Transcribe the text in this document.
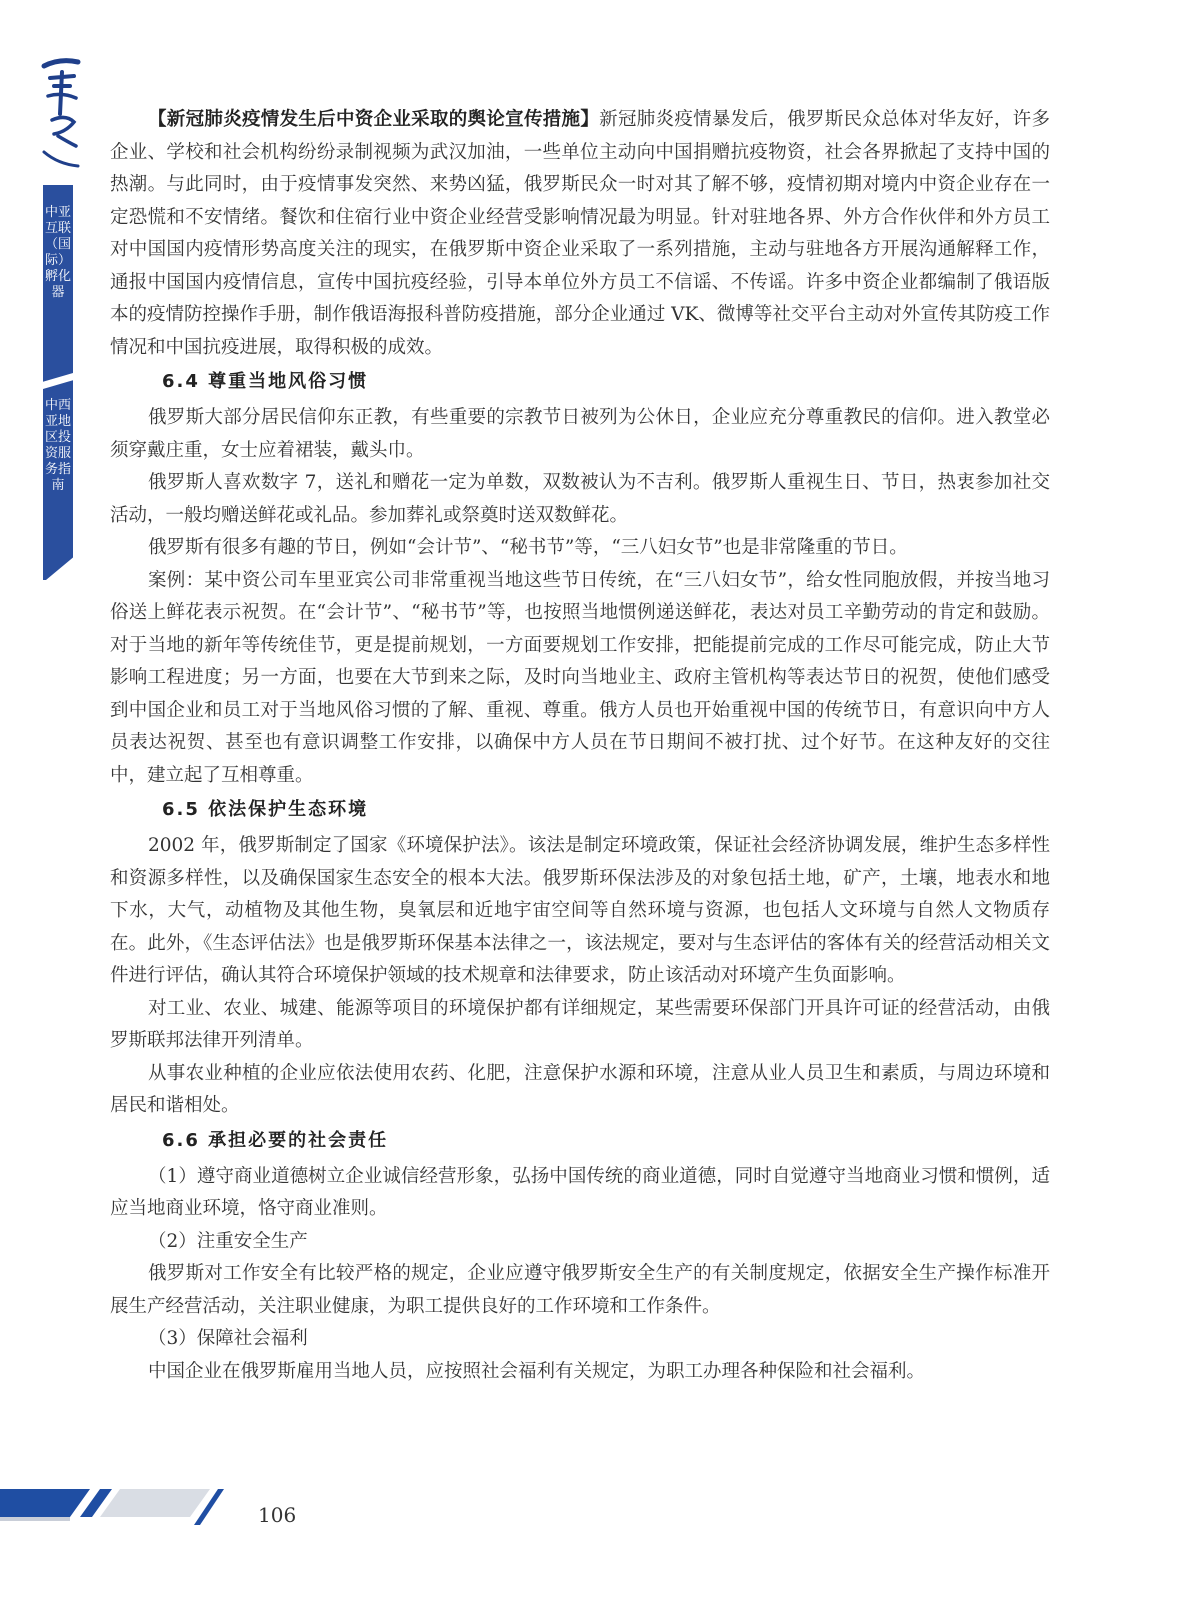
中亚互联（国际）孵化器
中西亚地区投资服务指南

【新冠肺炎疫情发生后中资企业采取的舆论宣传措施】新冠肺炎疫情暴发后，俄罗斯民众总体对华友好，许多企业、学校和社会机构纷纷录制视频为武汉加油，一些单位主动向中国捐赠抗疫物资，社会各界掀起了支持中国的热潮。与此同时，由于疫情事发突然、来势凶猛，俄罗斯民众一时对其了解不够，疫情初期对境内中资企业存在一定恐慌和不安情绪。餐饮和住宿行业中资企业经营受影响情况最为明显。针对驻地各界、外方合作伙伴和外方员工对中国国内疫情形势高度关注的现实，在俄罗斯中资企业采取了一系列措施，主动与驻地各方开展沟通解释工作，通报中国国内疫情信息，宣传中国抗疫经验，引导本单位外方员工不信谣、不传谣。许多中资企业都编制了俄语版本的疫情防控操作手册，制作俄语海报科普防疫措施，部分企业通过 VK、微博等社交平台主动对外宣传其防疫工作情况和中国抗疫进展，取得积极的成效。

6.4 尊重当地风俗习惯

俄罗斯大部分居民信仰东正教，有些重要的宗教节日被列为公休日，企业应充分尊重教民的信仰。进入教堂必须穿戴庄重，女士应着裙装，戴头巾。

俄罗斯人喜欢数字 7，送礼和赠花一定为单数，双数被认为不吉利。俄罗斯人重视生日、节日，热衷参加社交活动，一般均赠送鲜花或礼品。参加葬礼或祭奠时送双数鲜花。

俄罗斯有很多有趣的节日，例如“会计节”、“秘书节”等，“三八妇女节”也是非常隆重的节日。

案例：某中资公司车里亚宾公司非常重视当地这些节日传统，在“三八妇女节”，给女性同胞放假，并按当地习俗送上鲜花表示祝贺。在“会计节”、“秘书节”等，也按照当地惯例递送鲜花，表达对员工辛勤劳动的肯定和鼓励。对于当地的新年等传统佳节，更是提前规划，一方面要规划工作安排，把能提前完成的工作尽可能完成，防止大节影响工程进度；另一方面，也要在大节到来之际，及时向当地业主、政府主管机构等表达节日的祝贺，使他们感受到中国企业和员工对于当地风俗习惯的了解、重视、尊重。俄方人员也开始重视中国的传统节日，有意识向中方人员表达祝贺、甚至也有意识调整工作安排，以确保中方人员在节日期间不被打扰、过个好节。在这种友好的交往中，建立起了互相尊重。

6.5 依法保护生态环境

2002 年，俄罗斯制定了国家《环境保护法》。该法是制定环境政策，保证社会经济协调发展，维护生态多样性和资源多样性，以及确保国家生态安全的根本大法。俄罗斯环保法涉及的对象包括土地，矿产，土壤，地表水和地下水，大气，动植物及其他生物，臭氧层和近地宇宙空间等自然环境与资源，也包括人文环境与自然人文物质存在。此外，《生态评估法》也是俄罗斯环保基本法律之一，该法规定，要对与生态评估的客体有关的经营活动相关文件进行评估，确认其符合环境保护领域的技术规章和法律要求，防止该活动对环境产生负面影响。

对工业、农业、城建、能源等项目的环境保护都有详细规定，某些需要环保部门开具许可证的经营活动，由俄罗斯联邦法律开列清单。

从事农业种植的企业应依法使用农药、化肥，注意保护水源和环境，注意从业人员卫生和素质，与周边环境和居民和谐相处。

6.6 承担必要的社会责任

（1）遵守商业道德树立企业诚信经营形象，弘扬中国传统的商业道德，同时自觉遵守当地商业习惯和惯例，适应当地商业环境，恪守商业准则。

（2）注重安全生产

俄罗斯对工作安全有比较严格的规定，企业应遵守俄罗斯安全生产的有关制度规定，依据安全生产操作标准开展生产经营活动，关注职业健康，为职工提供良好的工作环境和工作条件。

（3）保障社会福利

中国企业在俄罗斯雇用当地人员，应按照社会福利有关规定，为职工办理各种保险和社会福利。

106
